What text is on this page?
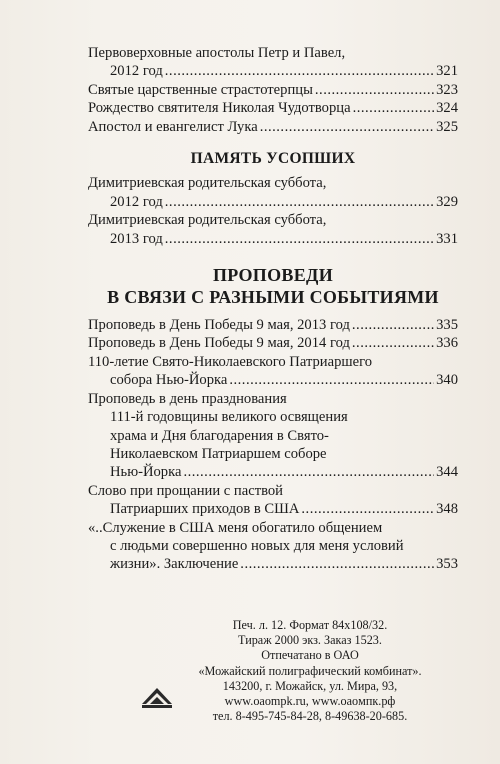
Первоверховные апостолы Петр и Павел,
2012 год .....	321
Святые царственные страстотерпцы .....	323
Рождество святителя Николая Чудотворца .....	324
Апостол и евангелист Лука .....	325
ПАМЯТЬ УСОПШИХ
Димитриевская родительская суббота,
2012 год .....	329
Димитриевская родительская суббота,
2013 год .....	331
ПРОПОВЕДИ
В СВЯЗИ С РАЗНЫМИ СОБЫТИЯМИ
Проповедь в День Победы 9 мая, 2013 год .....	335
Проповедь в День Победы 9 мая, 2014 год .....	336
110-летие Свято-Николаевского Патриаршего
собора Нью-Йорка .....	340
Проповедь в день празднования
111-й годовщины великого освящения
храма и Дня благодарения в Свято-
Николаевском Патриаршем соборе
Нью-Йорка .....	344
Слово при прощании с паствой
Патриарших приходов в США .....	348
«..Служение в США меня обогатило общением
с людьми совершенно новых для меня условий
жизни». Заключение .....	353
Печ. л. 12. Формат 84x108/32.
Тираж 2000 экз. Заказ 1523.
Отпечатано в ОАО
«Можайский полиграфический комбинат».
143200, г. Можайск, ул. Мира, 93,
www.oaompk.ru, www.oaoмпк.рф
тел. 8-495-745-84-28, 8-49638-20-685.
